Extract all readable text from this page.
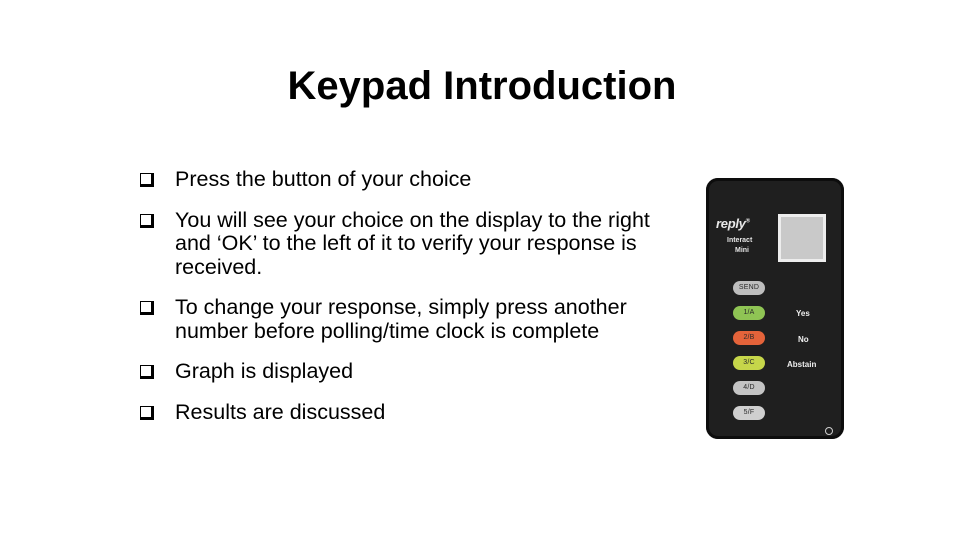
Keypad Introduction
Press the button of your choice
You will see your choice on the display to the right and ‘OK’ to the left of it to verify your response is received.
To change your response, simply press another number before polling/time clock is complete
Graph is displayed
Results are discussed
reply®
Interact
Mini
SEND
1/A
2/B
3/C
4/D
5/F
Yes
No
Abstain
